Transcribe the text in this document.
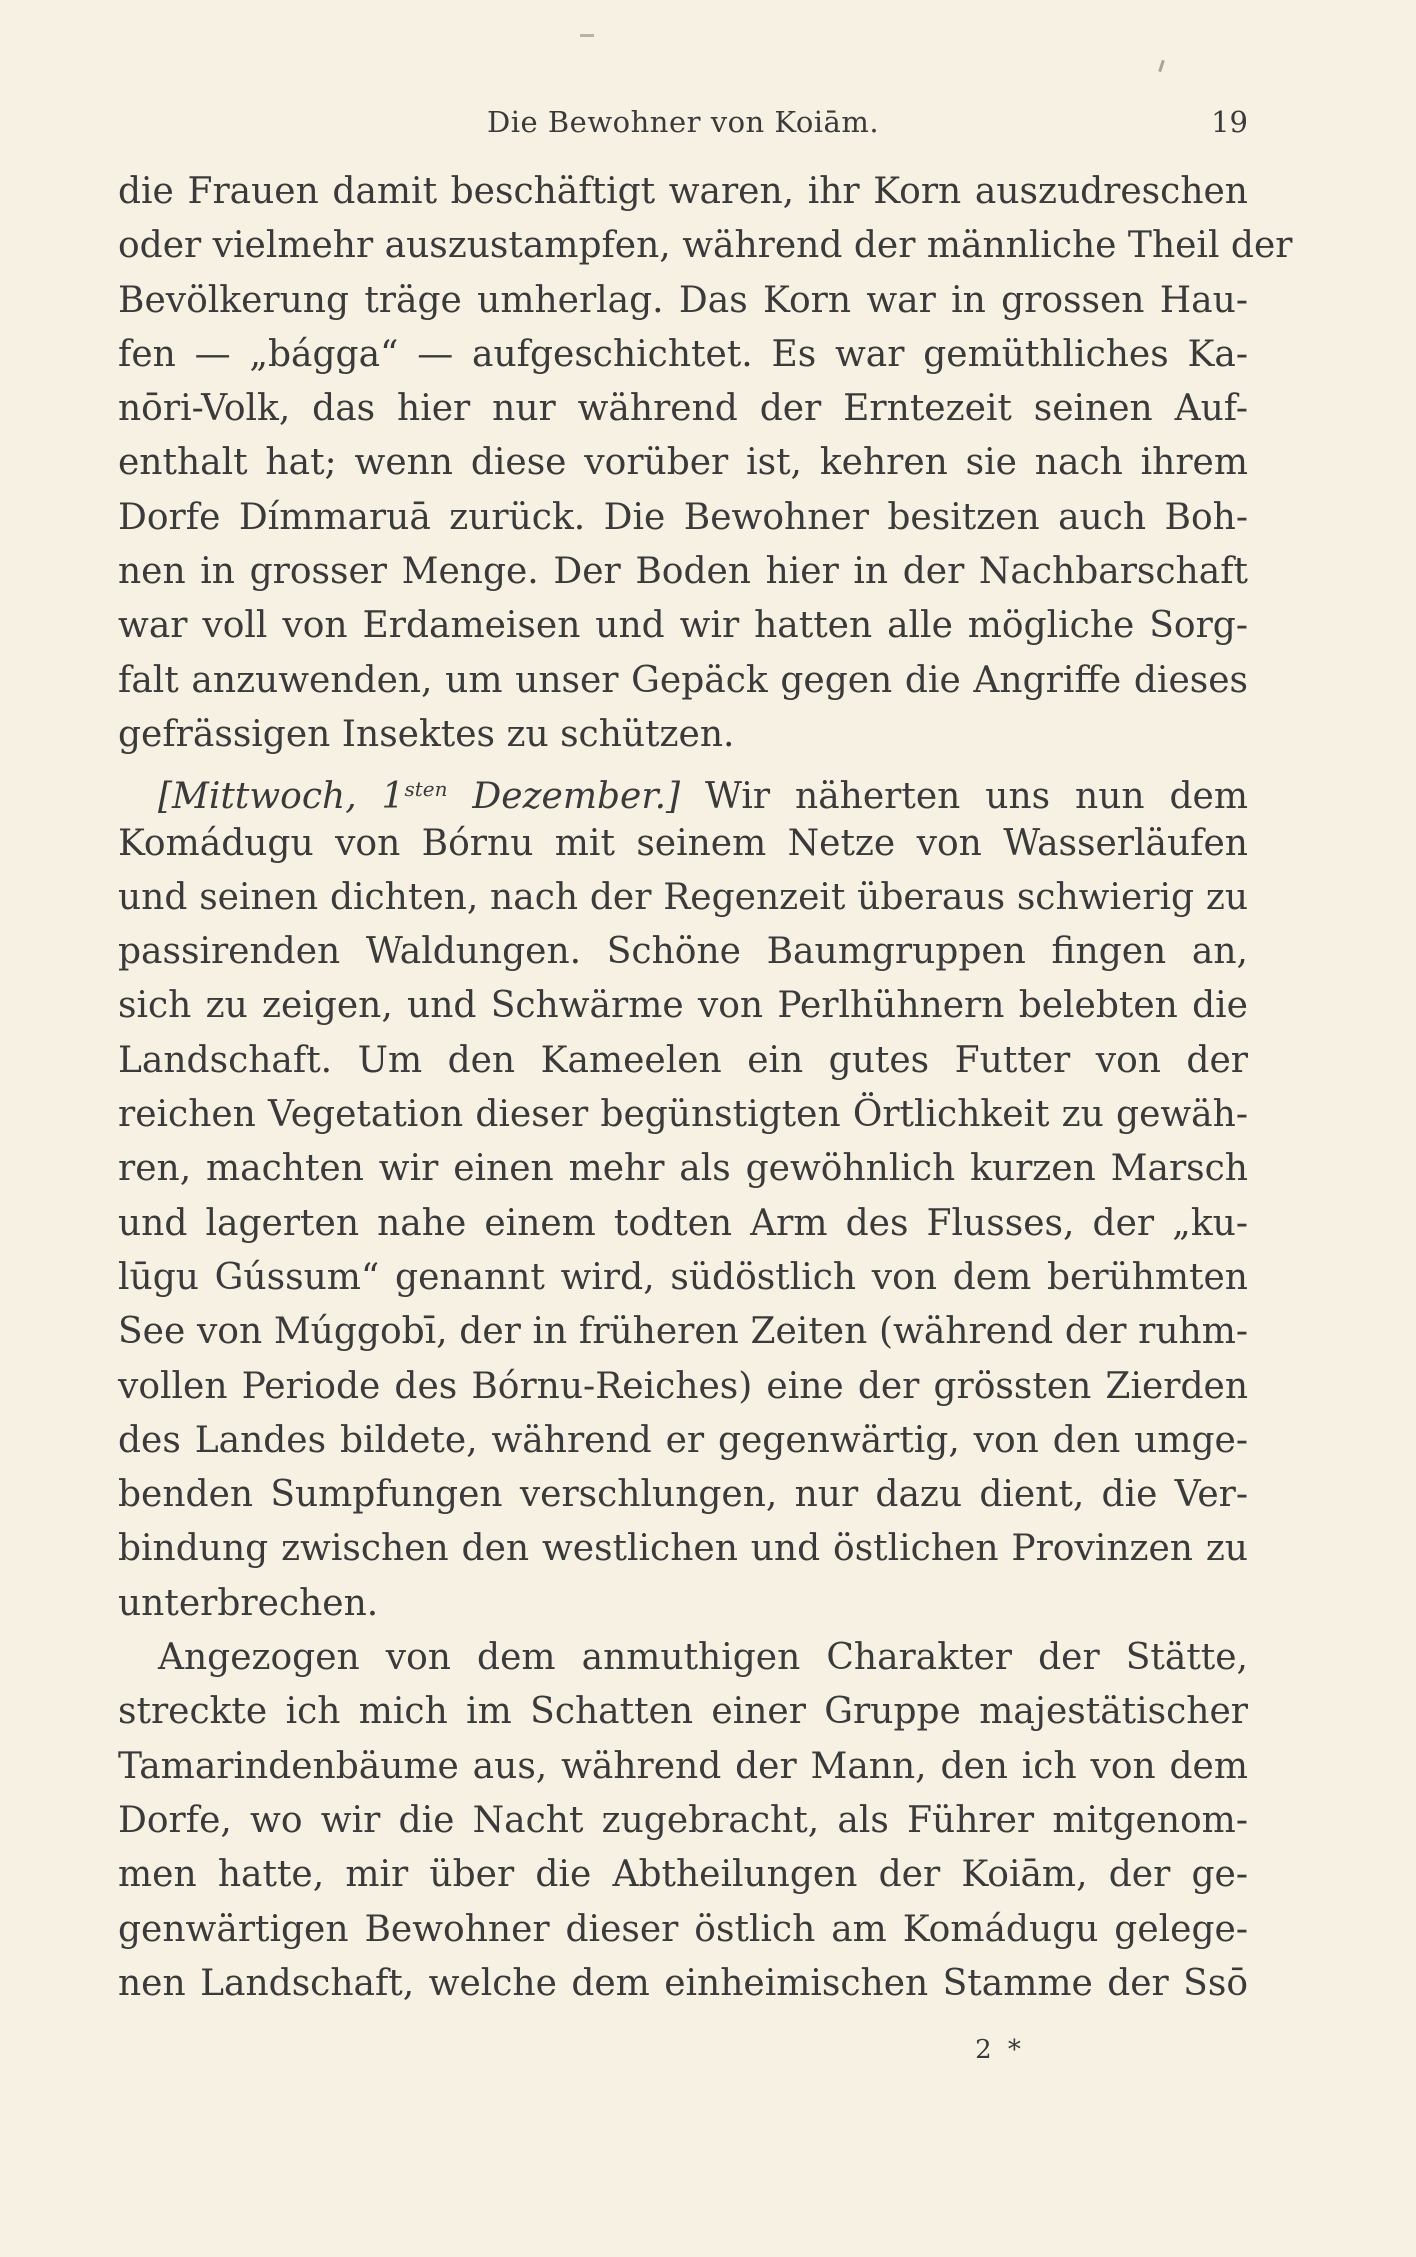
Die Bewohner von Koiām.	19
die Frauen damit beschäftigt waren, ihr Korn auszudreschen
oder vielmehr auszustampfen, während der männliche Theil der
Bevölkerung träge umherlag. Das Korn war in grossen Hau-
fen — „bágga“ — aufgeschichtet. Es war gemüthliches Ka-
nōri-Volk, das hier nur während der Erntezeit seinen Auf-
enthalt hat; wenn diese vorüber ist, kehren sie nach ihrem
Dorfe Dímmaruā zurück. Die Bewohner besitzen auch Boh-
nen in grosser Menge. Der Boden hier in der Nachbarschaft
war voll von Erdameisen und wir hatten alle mögliche Sorg-
falt anzuwenden, um unser Gepäck gegen die Angriffe dieses
gefrässigen Insektes zu schützen.
[Mittwoch, $1^{sten}$ Dezember.] Wir näherten uns nun dem
Komádugu von Bórnu mit seinem Netze von Wasserläufen
und seinen dichten, nach der Regenzeit überaus schwierig zu
passirenden Waldungen. Schöne Baumgruppen fingen an,
sich zu zeigen, und Schwärme von Perlhühnern belebten die
Landschaft. Um den Kameelen ein gutes Futter von der
reichen Vegetation dieser begünstigten Örtlichkeit zu gewäh-
ren, machten wir einen mehr als gewöhnlich kurzen Marsch
und lagerten nahe einem todten Arm des Flusses, der „ku-
lūgu Gússum“ genannt wird, südöstlich von dem berühmten
See von Múggobī, der in früheren Zeiten (während der ruhm-
vollen Periode des Bórnu-Reiches) eine der grössten Zierden
des Landes bildete, während er gegenwärtig, von den umge-
benden Sumpfungen verschlungen, nur dazu dient, die Ver-
bindung zwischen den westlichen und östlichen Provinzen zu
unterbrechen.
Angezogen von dem anmuthigen Charakter der Stätte,
streckte ich mich im Schatten einer Gruppe majestätischer
Tamarindenbäume aus, während der Mann, den ich von dem
Dorfe, wo wir die Nacht zugebracht, als Führer mitgenom-
men hatte, mir über die Abtheilungen der Koiām, der ge-
genwärtigen Bewohner dieser östlich am Komádugu gelege-
nen Landschaft, welche dem einheimischen Stamme der Ssō
2 *
